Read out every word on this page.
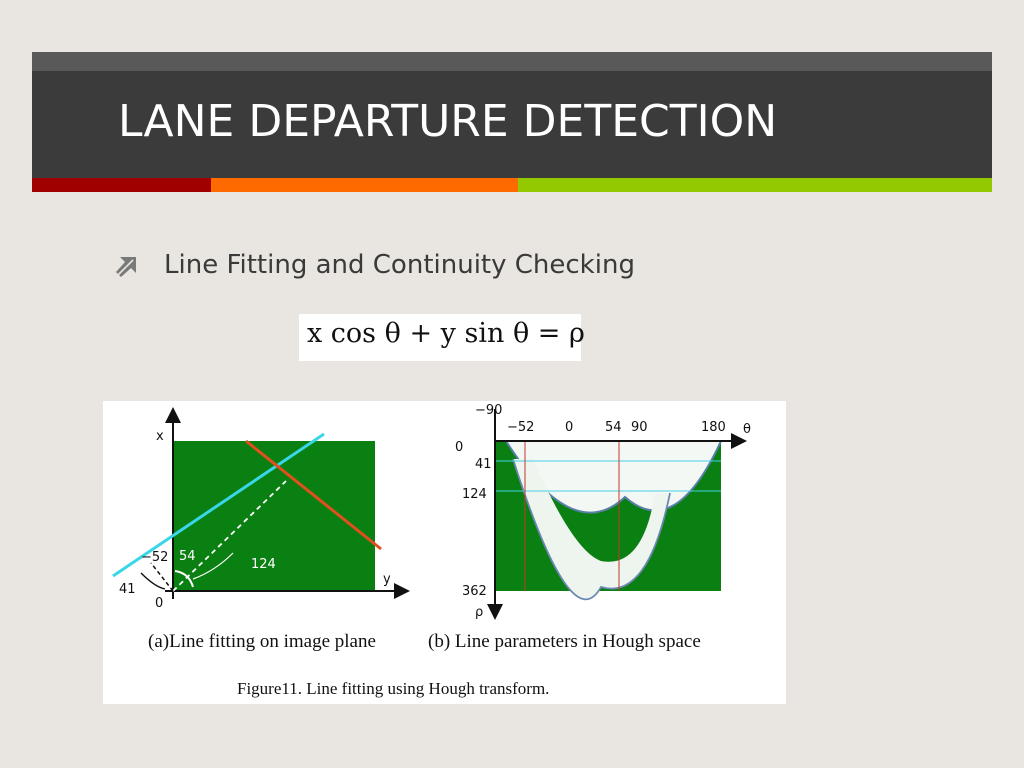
LANE DEPARTURE DETECTION
Line Fitting and Continuity Checking
x cos θ + y sin θ = ρ
x
y
0
−52 54
124
41
−90
−52 0 54 90	180 θ
0
41
124
362
ρ
(a)Line fitting on image plane	(b) Line parameters in Hough space
Figure11. Line fitting using Hough transform.
